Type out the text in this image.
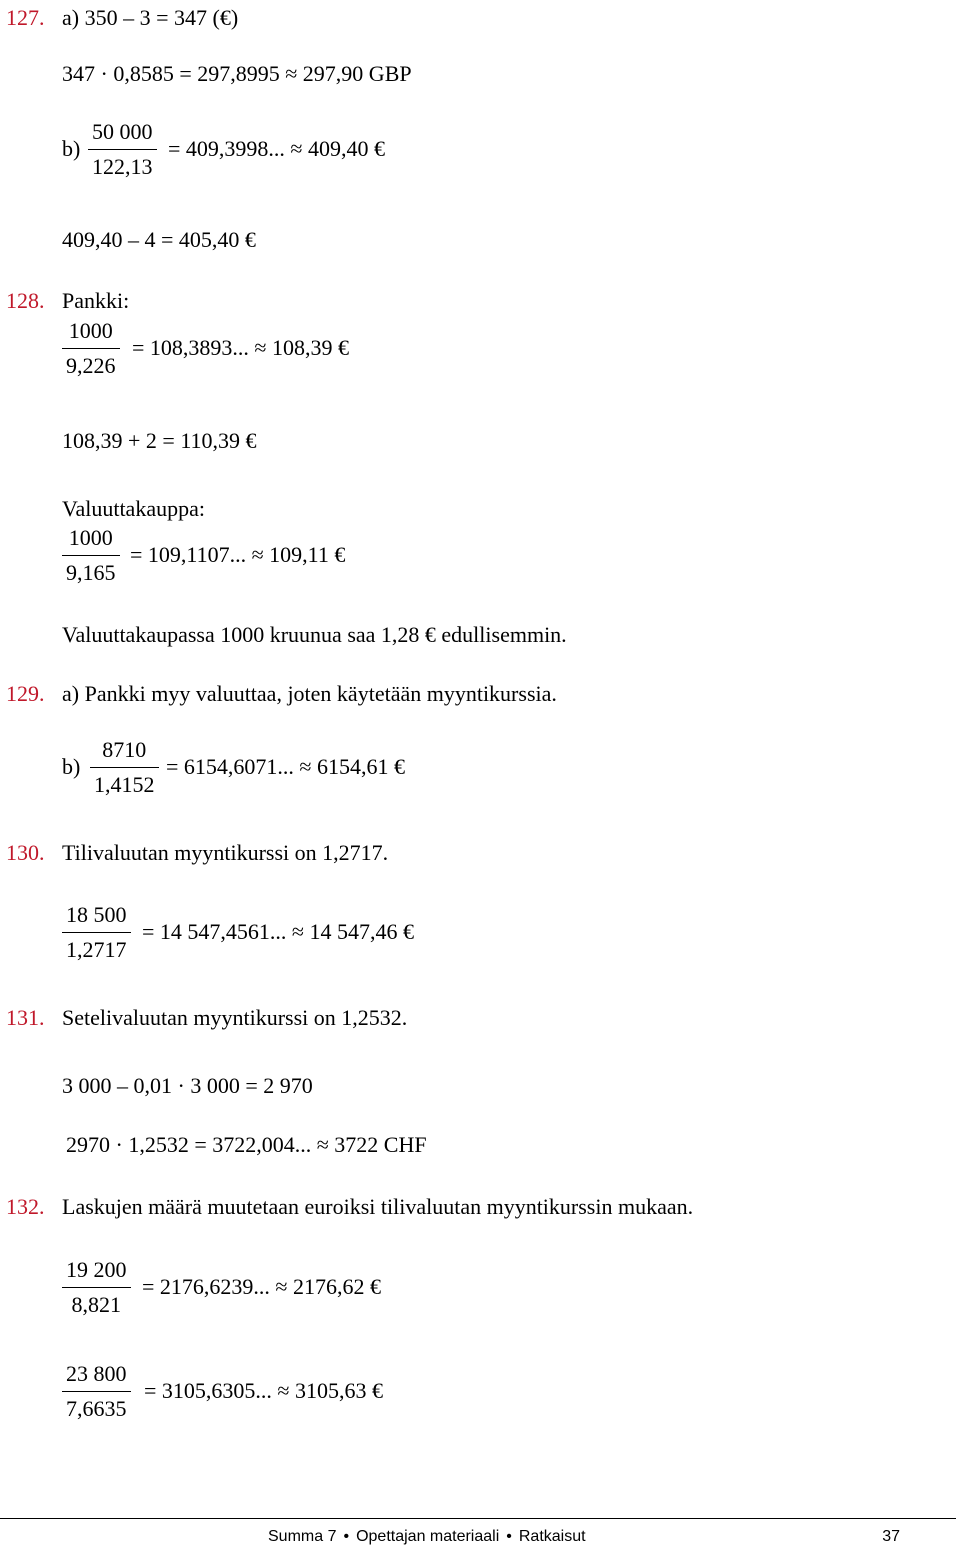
127. a) 350 – 3 = 347 (€)
347 · 0,8585 = 297,8995 ≈ 297,90 GBP
$b) \frac{50 000}{122,13} = 409,3998$... ≈ 409,40 €
409,40 – 4 = 405,40 €
128. Pankki:
$\frac{1000}{9,226} = 108,3893$... ≈ 108,39 €
108,39 + 2 = 110,39 €
Valuuttakauppa:
$\frac{1000}{9,165} = 109,1107$... ≈ 109,11 €
Valuuttakaupassa 1000 kruunua saa 1,28 € edullisemmin.
129. a) Pankki myy valuuttaa, joten käytetään myyntikurssia.
$b) \frac{8710}{1,4152} = 6154,6071$... ≈ 6154,61 €
130. Tilivaluutan myyntikurssi on 1,2717.
$\frac{18 500}{1,2717} = 14$ 547,4561... ≈ 14 547,46 €
131. Setelivaluutan myyntikurssi on 1,2532.
3 000 – 0,01 · 3 000 = 2 970
2970 · 1,2532 = 3722,004... ≈ 3722 CHF
132. Laskujen määrä muutetaan euroiksi tilivaluutan myyntikurssin mukaan.
$\frac{19 200}{8,821} = 2176,6239$... ≈ 2176,62 €
$\frac{23 800}{7,6635} = 3105,6305$... ≈ 3105,63 €
Summa 7 • Opettajan materiaali • Ratkaisut	37
